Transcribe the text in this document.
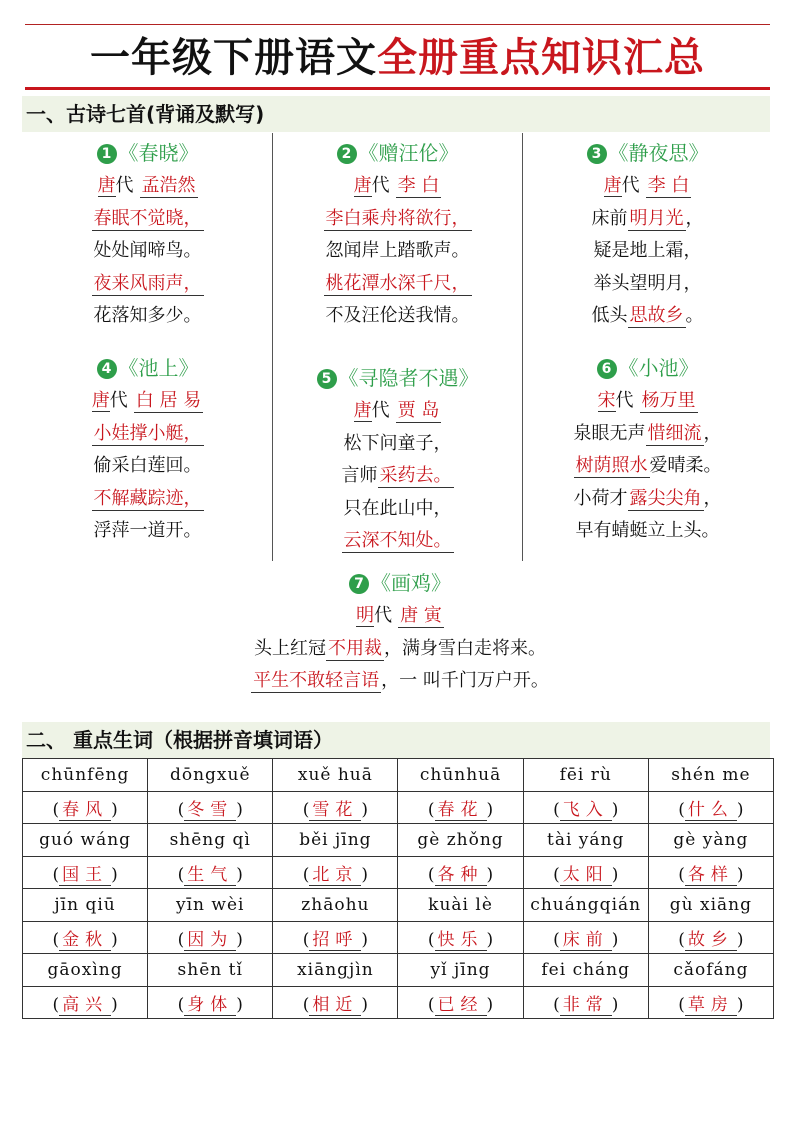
一年级下册语文全册重点知识汇总
一、古诗七首(背诵及默写)
1 《春晓》
唐代 孟浩然
春眠不觉晓，
处处闻啼鸟。
夜来风雨声，
花落知多少。
2 《赠汪伦》
唐代 李 白
李白乘舟将欲行，
忽闻岸上踏歌声。
桃花潭水深千尺，
不及汪伦送我情。
3 《静夜思》
唐代 李 白
床前 明月光 ，
疑是地上霜，
举头望明月，
低头 思故乡 。
4 《池上》
唐代 白 居 易
小娃撑小艇，
偷采白莲回。
不解藏踪迹，
浮萍一道开。
5 《寻隐者不遇》
唐代 贾 岛
松下问童子，
言师 采药去。
只在此山中，
云深不知处。
6 《小池》
宋代 杨万里
泉眼无声 惜细流 ，
树荫照水 爱晴柔。
小荷才 露尖尖角 ，
早有蜻蜓立上头。
7 《画鸡》
明代 唐 寅
头上红冠 不用裁 ，满身雪白走将来。
平生不敢轻言语 ，一 叫千门万户开。
二、 重点生词（根据拼音填词语）
chūnfēng	dōngxuě	xuě huā	chūnhuā	fēi rù	shén me
( 春风 )	( 冬雪 )	( 雪花 )	( 春花 )	( 飞入 )	( 什么 )
guó wáng	shēng qì	běi jīng	gè zhǒng	tài yáng	gè yàng
( 国王 )	( 生气 )	( 北京 )	( 各种 )	( 太阳 )	( 各样 )
jīn qiū	yīn wèi	zhāohu	kuài lè	chuángqián	gù xiāng
( 金秋 )	( 因为 )	( 招呼 )	( 快乐 )	( 床前 )	( 故乡 )
gāoxìng	shēn tǐ	xiāngjìn	yǐ jīng	fei cháng	cǎofáng
( 高兴 )	( 身体 )	( 相近 )	( 已经 )	( 非常 )	( 草房 )
